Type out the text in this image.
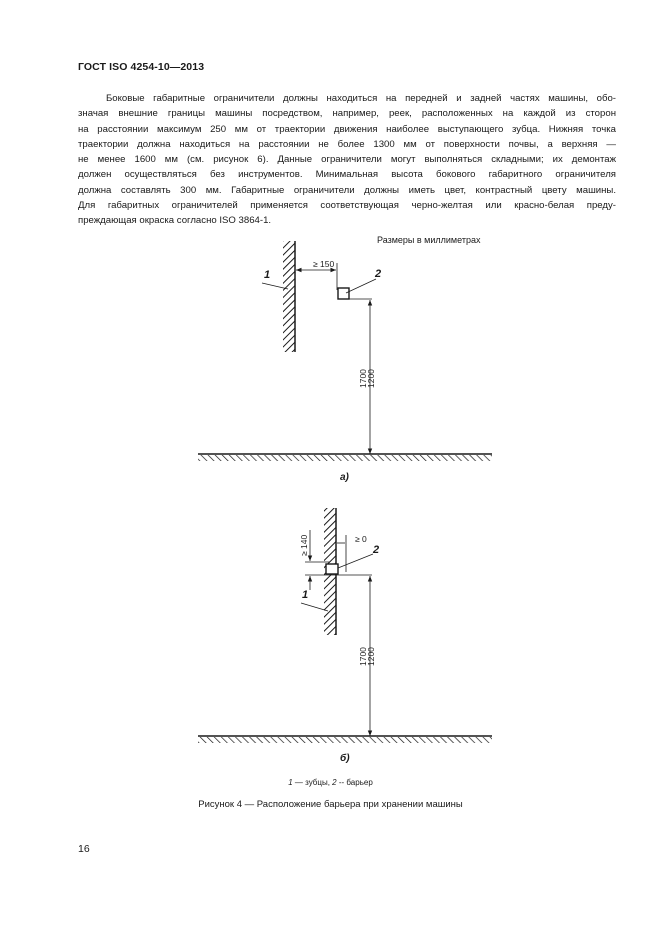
ГОСТ ISO 4254-10—2013
Боковые габаритные ограничители должны находиться на передней и задней частях машины, обо-
значая внешние границы машины посредством, например, реек, расположенных на каждой из сторон
на расстоянии максимум 250 мм от траектории движения наиболее выступающего зубца. Нижняя точка
траектории должна находиться на расстоянии не более 1300 мм от поверхности почвы, а верхняя —
не менее 1600 мм (см. рисунок 6). Данные ограничители могут выполняться складными; их демонтаж
должен осуществляться без инструментов. Минимальная высота бокового габаритного ограничителя
должна составлять 300 мм. Габаритные ограничители должны иметь цвет, контрастный цвету машины.
Для габаритных ограничителей применяется соответствующая черно-желтая или красно-белая преду-
преждающая окраска согласно ISO 3864-1.
Размеры в миллиметрах
≥ 150
1700
1200
1	2
≥ 0
≥ 140
1700
1200
1
2
а)
б)
1 — зубцы, 2 -- барьер
Рисунок 4 — Расположение барьера при хранении машины
16
